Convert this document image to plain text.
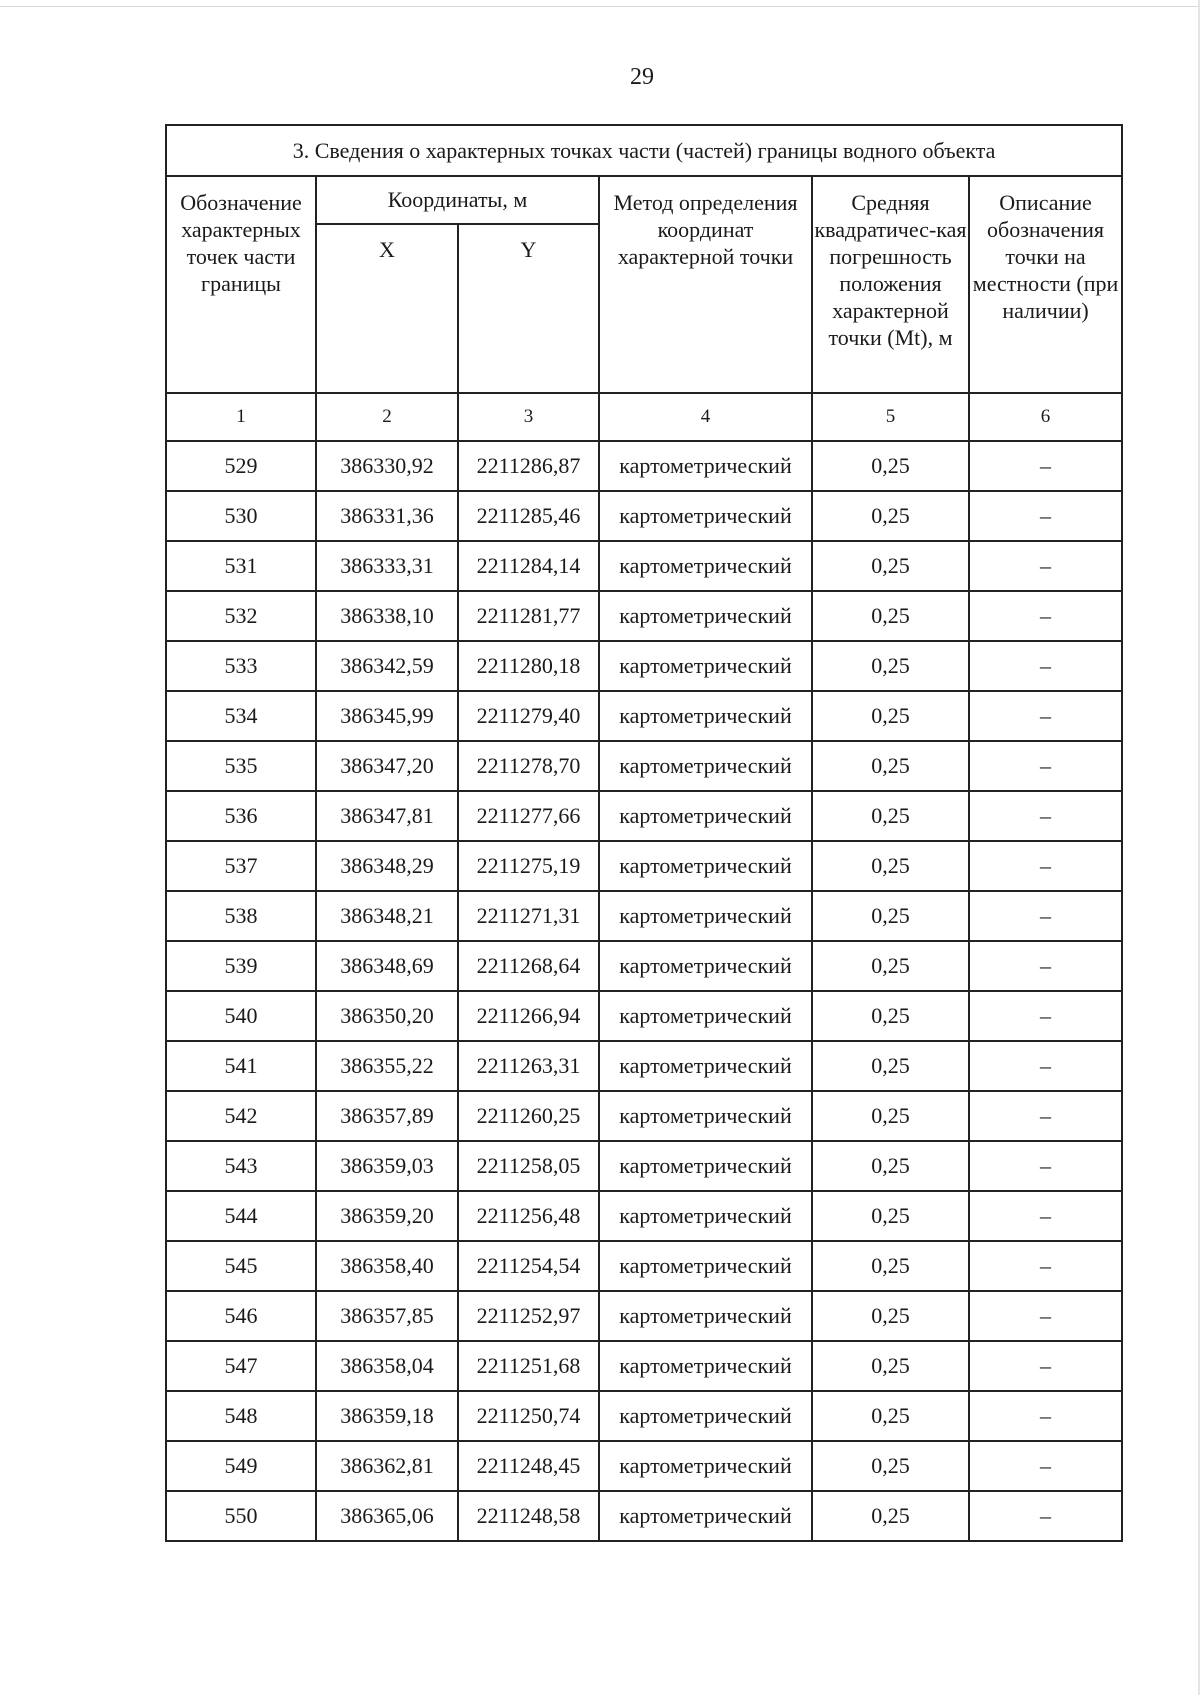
29
3. Сведения о характерных точках части (частей) границы водного объекта					
Обозначение характерных точек части границы	Координаты, м		Метод определения координат характерной точки	Средняя квадратичес-кая погрешность положения характерной точки (Mt), м	Описание обозначения точки на местности (при наличии)
	X	Y			
1	2	3	4	5	6
529	386330,92	2211286,87	картометрический	0,25	–
530	386331,36	2211285,46	картометрический	0,25	–
531	386333,31	2211284,14	картометрический	0,25	–
532	386338,10	2211281,77	картометрический	0,25	–
533	386342,59	2211280,18	картометрический	0,25	–
534	386345,99	2211279,40	картометрический	0,25	–
535	386347,20	2211278,70	картометрический	0,25	–
536	386347,81	2211277,66	картометрический	0,25	–
537	386348,29	2211275,19	картометрический	0,25	–
538	386348,21	2211271,31	картометрический	0,25	–
539	386348,69	2211268,64	картометрический	0,25	–
540	386350,20	2211266,94	картометрический	0,25	–
541	386355,22	2211263,31	картометрический	0,25	–
542	386357,89	2211260,25	картометрический	0,25	–
543	386359,03	2211258,05	картометрический	0,25	–
544	386359,20	2211256,48	картометрический	0,25	–
545	386358,40	2211254,54	картометрический	0,25	–
546	386357,85	2211252,97	картометрический	0,25	–
547	386358,04	2211251,68	картометрический	0,25	–
548	386359,18	2211250,74	картометрический	0,25	–
549	386362,81	2211248,45	картометрический	0,25	–
550	386365,06	2211248,58	картометрический	0,25	–
